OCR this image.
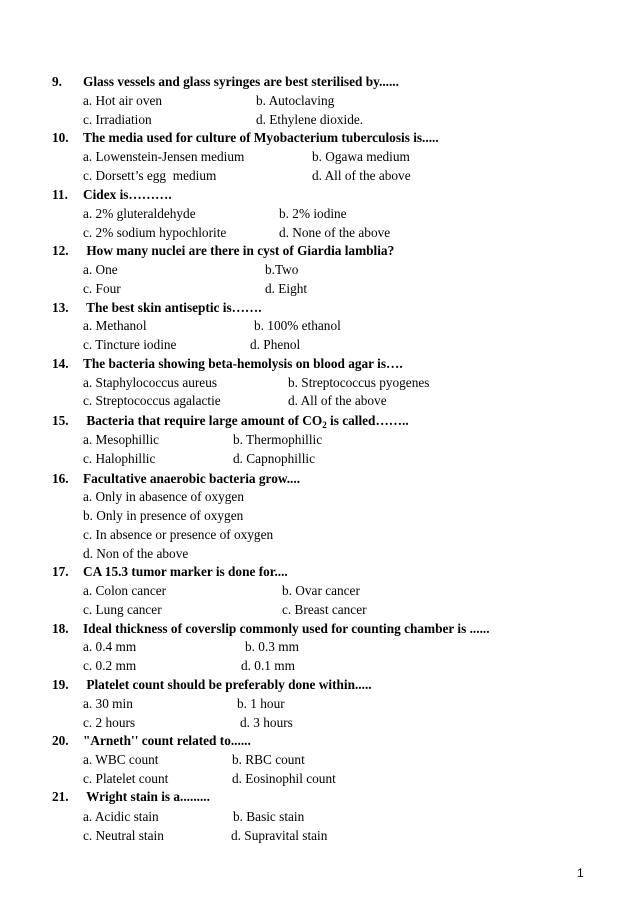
9. Glass vessels and glass syringes are best sterilised by......
a. Hot air oven	b. Autoclaving
c. Irradiation	d. Ethylene dioxide.
10. The media used for culture of Myobacterium tuberculosis is.....
a. Lowenstein-Jensen medium	b. Ogawa medium
c. Dorsett’s egg  medium	d. All of the above
11. Cidex is……….
a. 2% gluteraldehyde	b. 2% iodine
c. 2% sodium hypochlorite	d. None of the above
12. How many nuclei are there in cyst of Giardia lamblia?
a. One	b.Two
c. Four	d. Eight
13. The best skin antiseptic is…….
a. Methanol	b. 100% ethanol
c. Tincture iodine	d. Phenol
14. The bacteria showing beta-hemolysis on blood agar is….
a. Staphylococcus aureus	b. Streptococcus pyogenes
c. Streptococcus agalactie	d. All of the above
15. Bacteria that require large amount of $CO_2$ is called……..
a. Mesophillic	b. Thermophillic
c. Halophillic	d. Capnophillic
16. Facultative anaerobic bacteria grow....
a. Only in abasence of oxygen
b. Only in presence of oxygen
c. In absence or presence of oxygen
d. Non of the above
17. CA 15.3 tumor marker is done for....
a. Colon cancer	b. Ovar cancer
c. Lung cancer	c. Breast cancer
18. Ideal thickness of coverslip commonly used for counting chamber is ......
a. 0.4 mm	b. 0.3 mm
c. 0.2 mm	d. 0.1 mm
19. Platelet count should be preferably done within.....
a. 30 min	b. 1 hour
c. 2 hours	d. 3 hours
20. "Arneth'' count related to......
a. WBC count	b. RBC count
c. Platelet count	d. Eosinophil count
21. Wright stain is a.........
a. Acidic stain	b. Basic stain
c. Neutral stain	d. Supravital stain
1
